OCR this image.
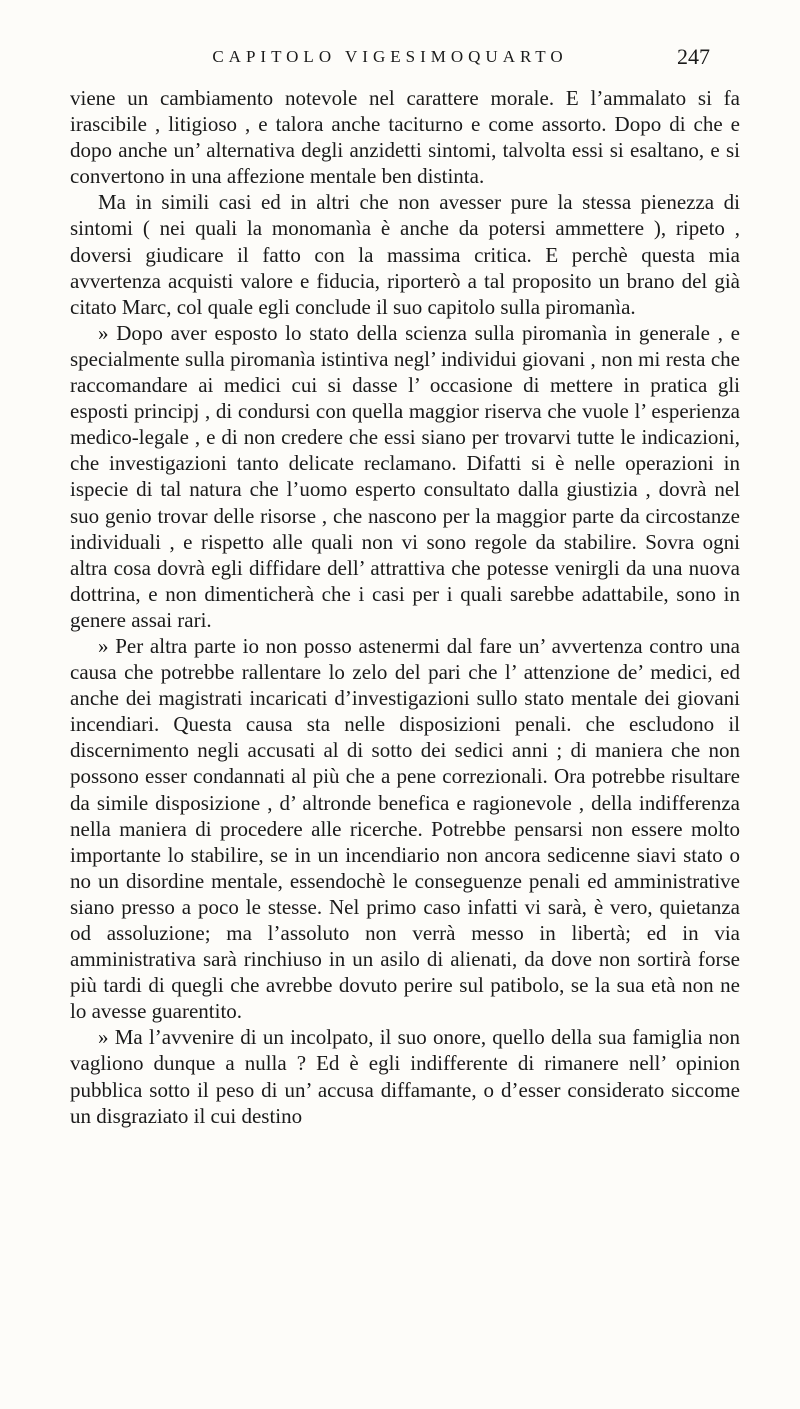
CAPITOLO VIGESIMOQUARTO	247

viene un cambiamento notevole nel carattere morale. E l’ammalato si fa irascibile , litigioso , e talora anche taciturno e come assorto. Dopo di che e dopo anche un’ alternativa degli anzidetti sintomi, talvolta essi si esaltano, e si convertono in una affezione mentale ben distinta.

Ma in simili casi ed in altri che non avesser pure la stessa pienezza di sintomi ( nei quali la monomanìa è anche da potersi ammettere ), ripeto , doversi giudicare il fatto con la massima critica. E perchè questa mia avvertenza acquisti valore e fiducia, riporterò a tal proposito un brano del già citato Marc, col quale egli conclude il suo capitolo sulla piromanìa.

» Dopo aver esposto lo stato della scienza sulla piromanìa in generale , e specialmente sulla piromanìa istintiva negl’ individui giovani , non mi resta che raccomandare ai medici cui si dasse l’ occasione di mettere in pratica gli esposti principj , di condursi con quella maggior riserva che vuole l’ esperienza medico-legale , e di non credere che essi siano per trovarvi tutte le indicazioni, che investigazioni tanto delicate reclamano. Difatti si è nelle operazioni in ispecie di tal natura che l’uomo esperto consultato dalla giustizia , dovrà nel suo genio trovar delle risorse , che nascono per la maggior parte da circostanze individuali , e rispetto alle quali non vi sono regole da stabilire. Sovra ogni altra cosa dovrà egli diffidare dell’ attrattiva che potesse venirgli da una nuova dottrina, e non dimenticherà che i casi per i quali sarebbe adattabile, sono in genere assai rari.

» Per altra parte io non posso astenermi dal fare un’ avvertenza contro una causa che potrebbe rallentare lo zelo del pari che l’ attenzione de’ medici, ed anche dei magistrati incaricati d’investigazioni sullo stato mentale dei giovani incendiari. Questa causa sta nelle disposizioni penali. che escludono il discernimento negli accusati al di sotto dei sedici anni ; di maniera che non possono esser condannati al più che a pene correzionali. Ora potrebbe risultare da simile disposizione , d’ altronde benefica e ragionevole , della indifferenza nella maniera di procedere alle ricerche. Potrebbe pensarsi non essere molto importante lo stabilire, se in un incendiario non ancora sedicenne siavi stato o no un disordine mentale, essendochè le conseguenze penali ed amministrative siano presso a poco le stesse. Nel primo caso infatti vi sarà, è vero, quietanza od assoluzione; ma l’assoluto non verrà messo in libertà; ed in via amministrativa sarà rinchiuso in un asilo di alienati, da dove non sortirà forse più tardi di quegli che avrebbe dovuto perire sul patibolo, se la sua età non ne lo avesse guarentito.

» Ma l’avvenire di un incolpato, il suo onore, quello della sua famiglia non vagliono dunque a nulla ? Ed è egli indifferente di rimanere nell’ opinion pubblica sotto il peso di un’ accusa diffamante, o d’esser considerato siccome un disgraziato il cui destino
